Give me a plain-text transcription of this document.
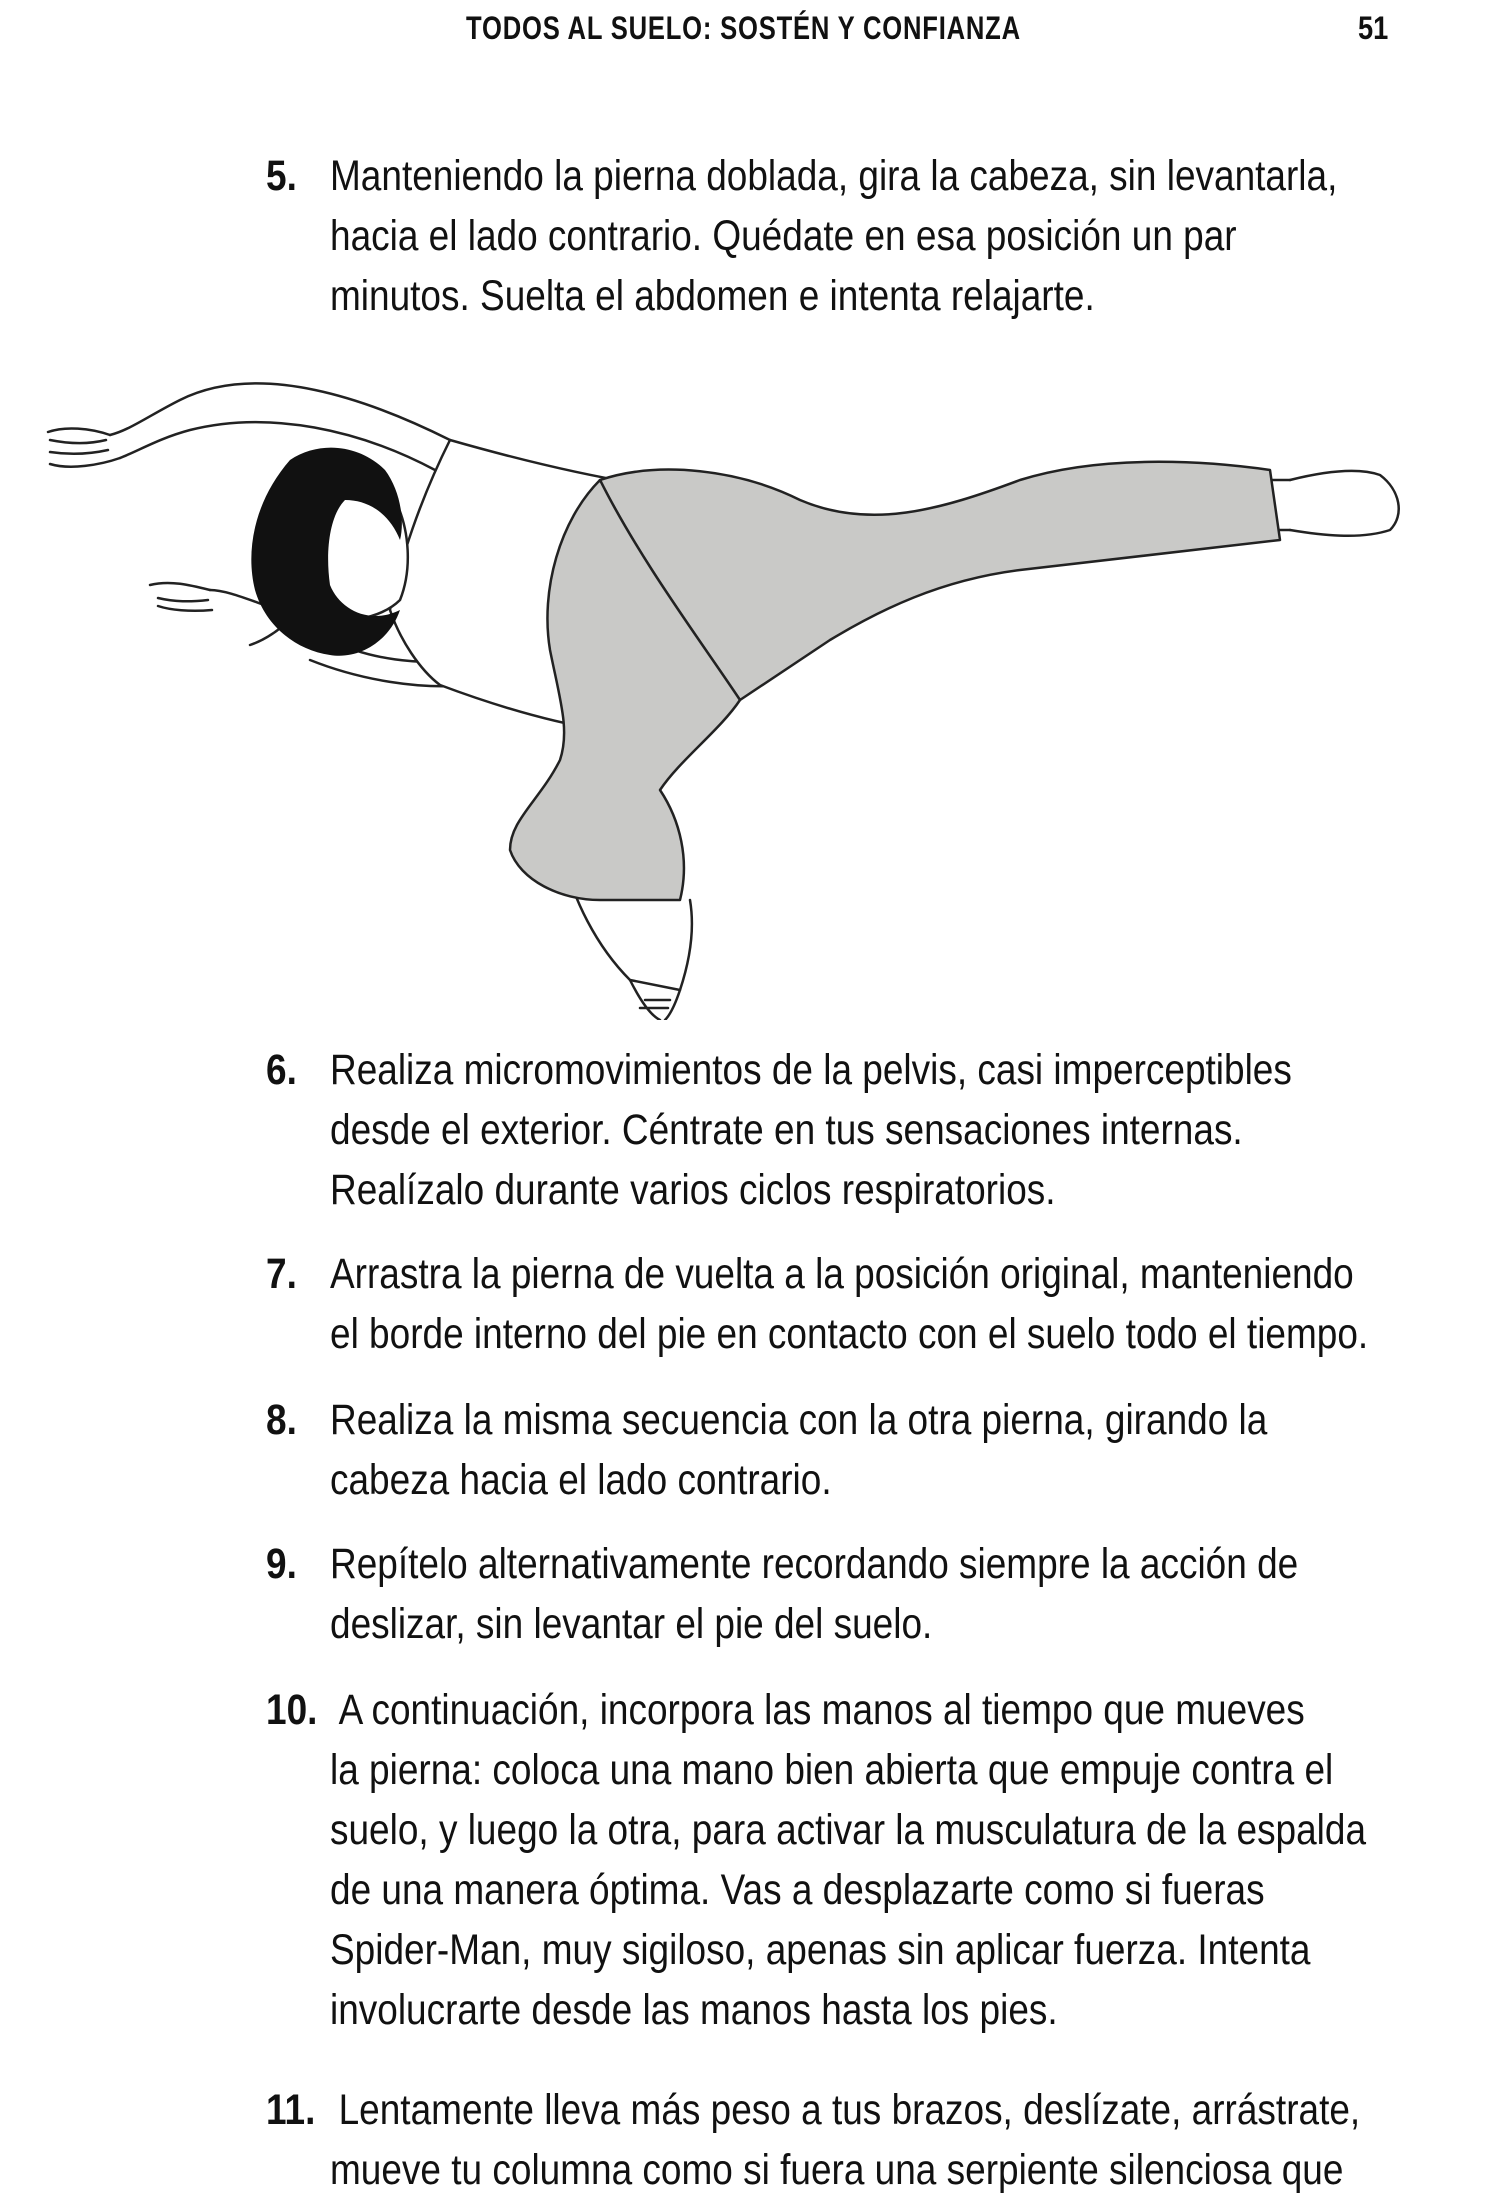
TODOS AL SUELO: SOSTÉN Y CONFIANZA	51
5. Manteniendo la pierna doblada, gira la cabeza, sin levantarla,
hacia el lado contrario. Quédate en esa posición un par
minutos. Suelta el abdomen e intenta relajarte.
6. Realiza micromovimientos de la pelvis, casi imperceptibles
desde el exterior. Céntrate en tus sensaciones internas.
Realízalo durante varios ciclos respiratorios.
7. Arrastra la pierna de vuelta a la posición original, manteniendo
el borde interno del pie en contacto con el suelo todo el tiempo.
8. Realiza la misma secuencia con la otra pierna, girando la
cabeza hacia el lado contrario.
9. Repítelo alternativamente recordando siempre la acción de
deslizar, sin levantar el pie del suelo.
10. A continuación, incorpora las manos al tiempo que mueves
la pierna: coloca una mano bien abierta que empuje contra el
suelo, y luego la otra, para activar la musculatura de la espalda
de una manera óptima. Vas a desplazarte como si fueras
Spider-Man, muy sigiloso, apenas sin aplicar fuerza. Intenta
involucrarte desde las manos hasta los pies.
11. Lentamente lleva más peso a tus brazos, deslízate, arrástrate,
mueve tu columna como si fuera una serpiente silenciosa que
